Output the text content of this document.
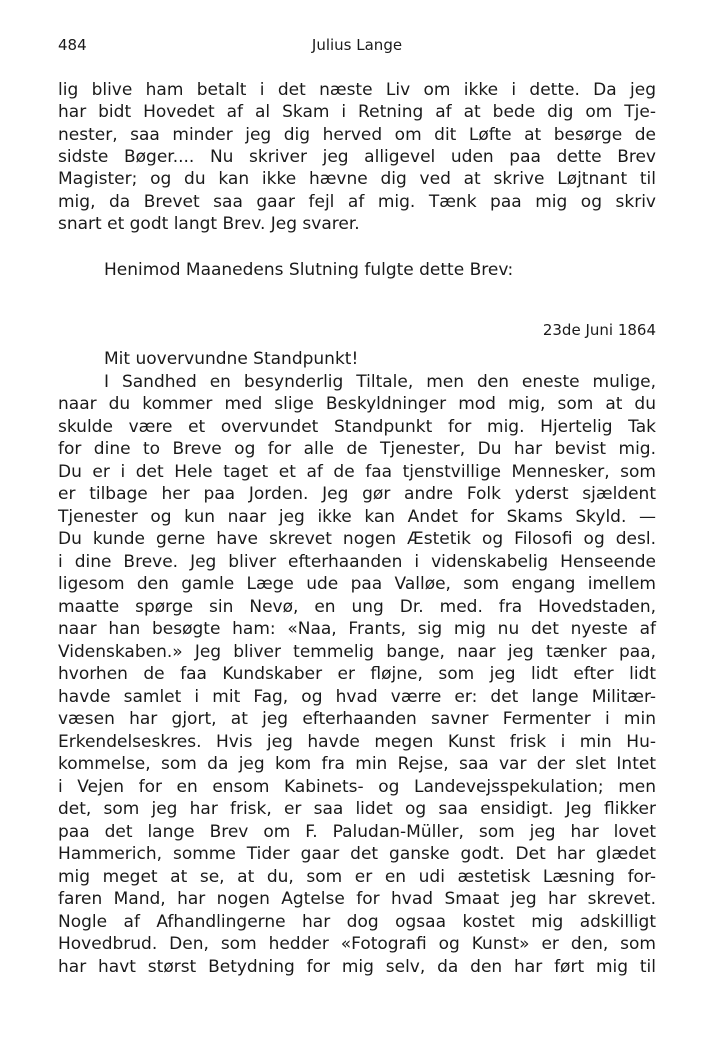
484	Julius Lange
lig blive ham betalt i det næste Liv om ikke i dette. Da jeg
har bidt Hovedet af al Skam i Retning af at bede dig om Tje-
nester, saa minder jeg dig herved om dit Løfte at besørge de
sidste Bøger.... Nu skriver jeg alligevel uden paa dette Brev
Magister; og du kan ikke hævne dig ved at skrive Løjtnant til
mig, da Brevet saa gaar fejl af mig. Tænk paa mig og skriv
snart et godt langt Brev. Jeg svarer.
Henimod Maanedens Slutning fulgte dette Brev:
23de Juni 1864
Mit uovervundne Standpunkt!
I Sandhed en besynderlig Tiltale, men den eneste mulige,
naar du kommer med slige Beskyldninger mod mig, som at du
skulde være et overvundet Standpunkt for mig. Hjertelig Tak
for dine to Breve og for alle de Tjenester, Du har bevist mig.
Du er i det Hele taget et af de faa tjenstvillige Mennesker, som
er tilbage her paa Jorden. Jeg gør andre Folk yderst sjældent
Tjenester og kun naar jeg ikke kan Andet for Skams Skyld. —
Du kunde gerne have skrevet nogen Æstetik og Filosofi og desl.
i dine Breve. Jeg bliver efterhaanden i videnskabelig Henseende
ligesom den gamle Læge ude paa Valløe, som engang imellem
maatte spørge sin Nevø, en ung Dr. med. fra Hovedstaden,
naar han besøgte ham: «Naa, Frants, sig mig nu det nyeste af
Videnskaben.» Jeg bliver temmelig bange, naar jeg tænker paa,
hvorhen de faa Kundskaber er fløjne, som jeg lidt efter lidt
havde samlet i mit Fag, og hvad værre er: det lange Militær-
væsen har gjort, at jeg efterhaanden savner Fermenter i min
Erkendelseskres. Hvis jeg havde megen Kunst frisk i min Hu-
kommelse, som da jeg kom fra min Rejse, saa var der slet Intet
i Vejen for en ensom Kabinets- og Landevejsspekulation; men
det, som jeg har frisk, er saa lidet og saa ensidigt. Jeg flikker
paa det lange Brev om F. Paludan-Müller, som jeg har lovet
Hammerich, somme Tider gaar det ganske godt. Det har glædet
mig meget at se, at du, som er en udi æstetisk Læsning for-
faren Mand, har nogen Agtelse for hvad Smaat jeg har skrevet.
Nogle af Afhandlingerne har dog ogsaa kostet mig adskilligt
Hovedbrud. Den, som hedder «Fotografi og Kunst» er den, som
har havt størst Betydning for mig selv, da den har ført mig til
